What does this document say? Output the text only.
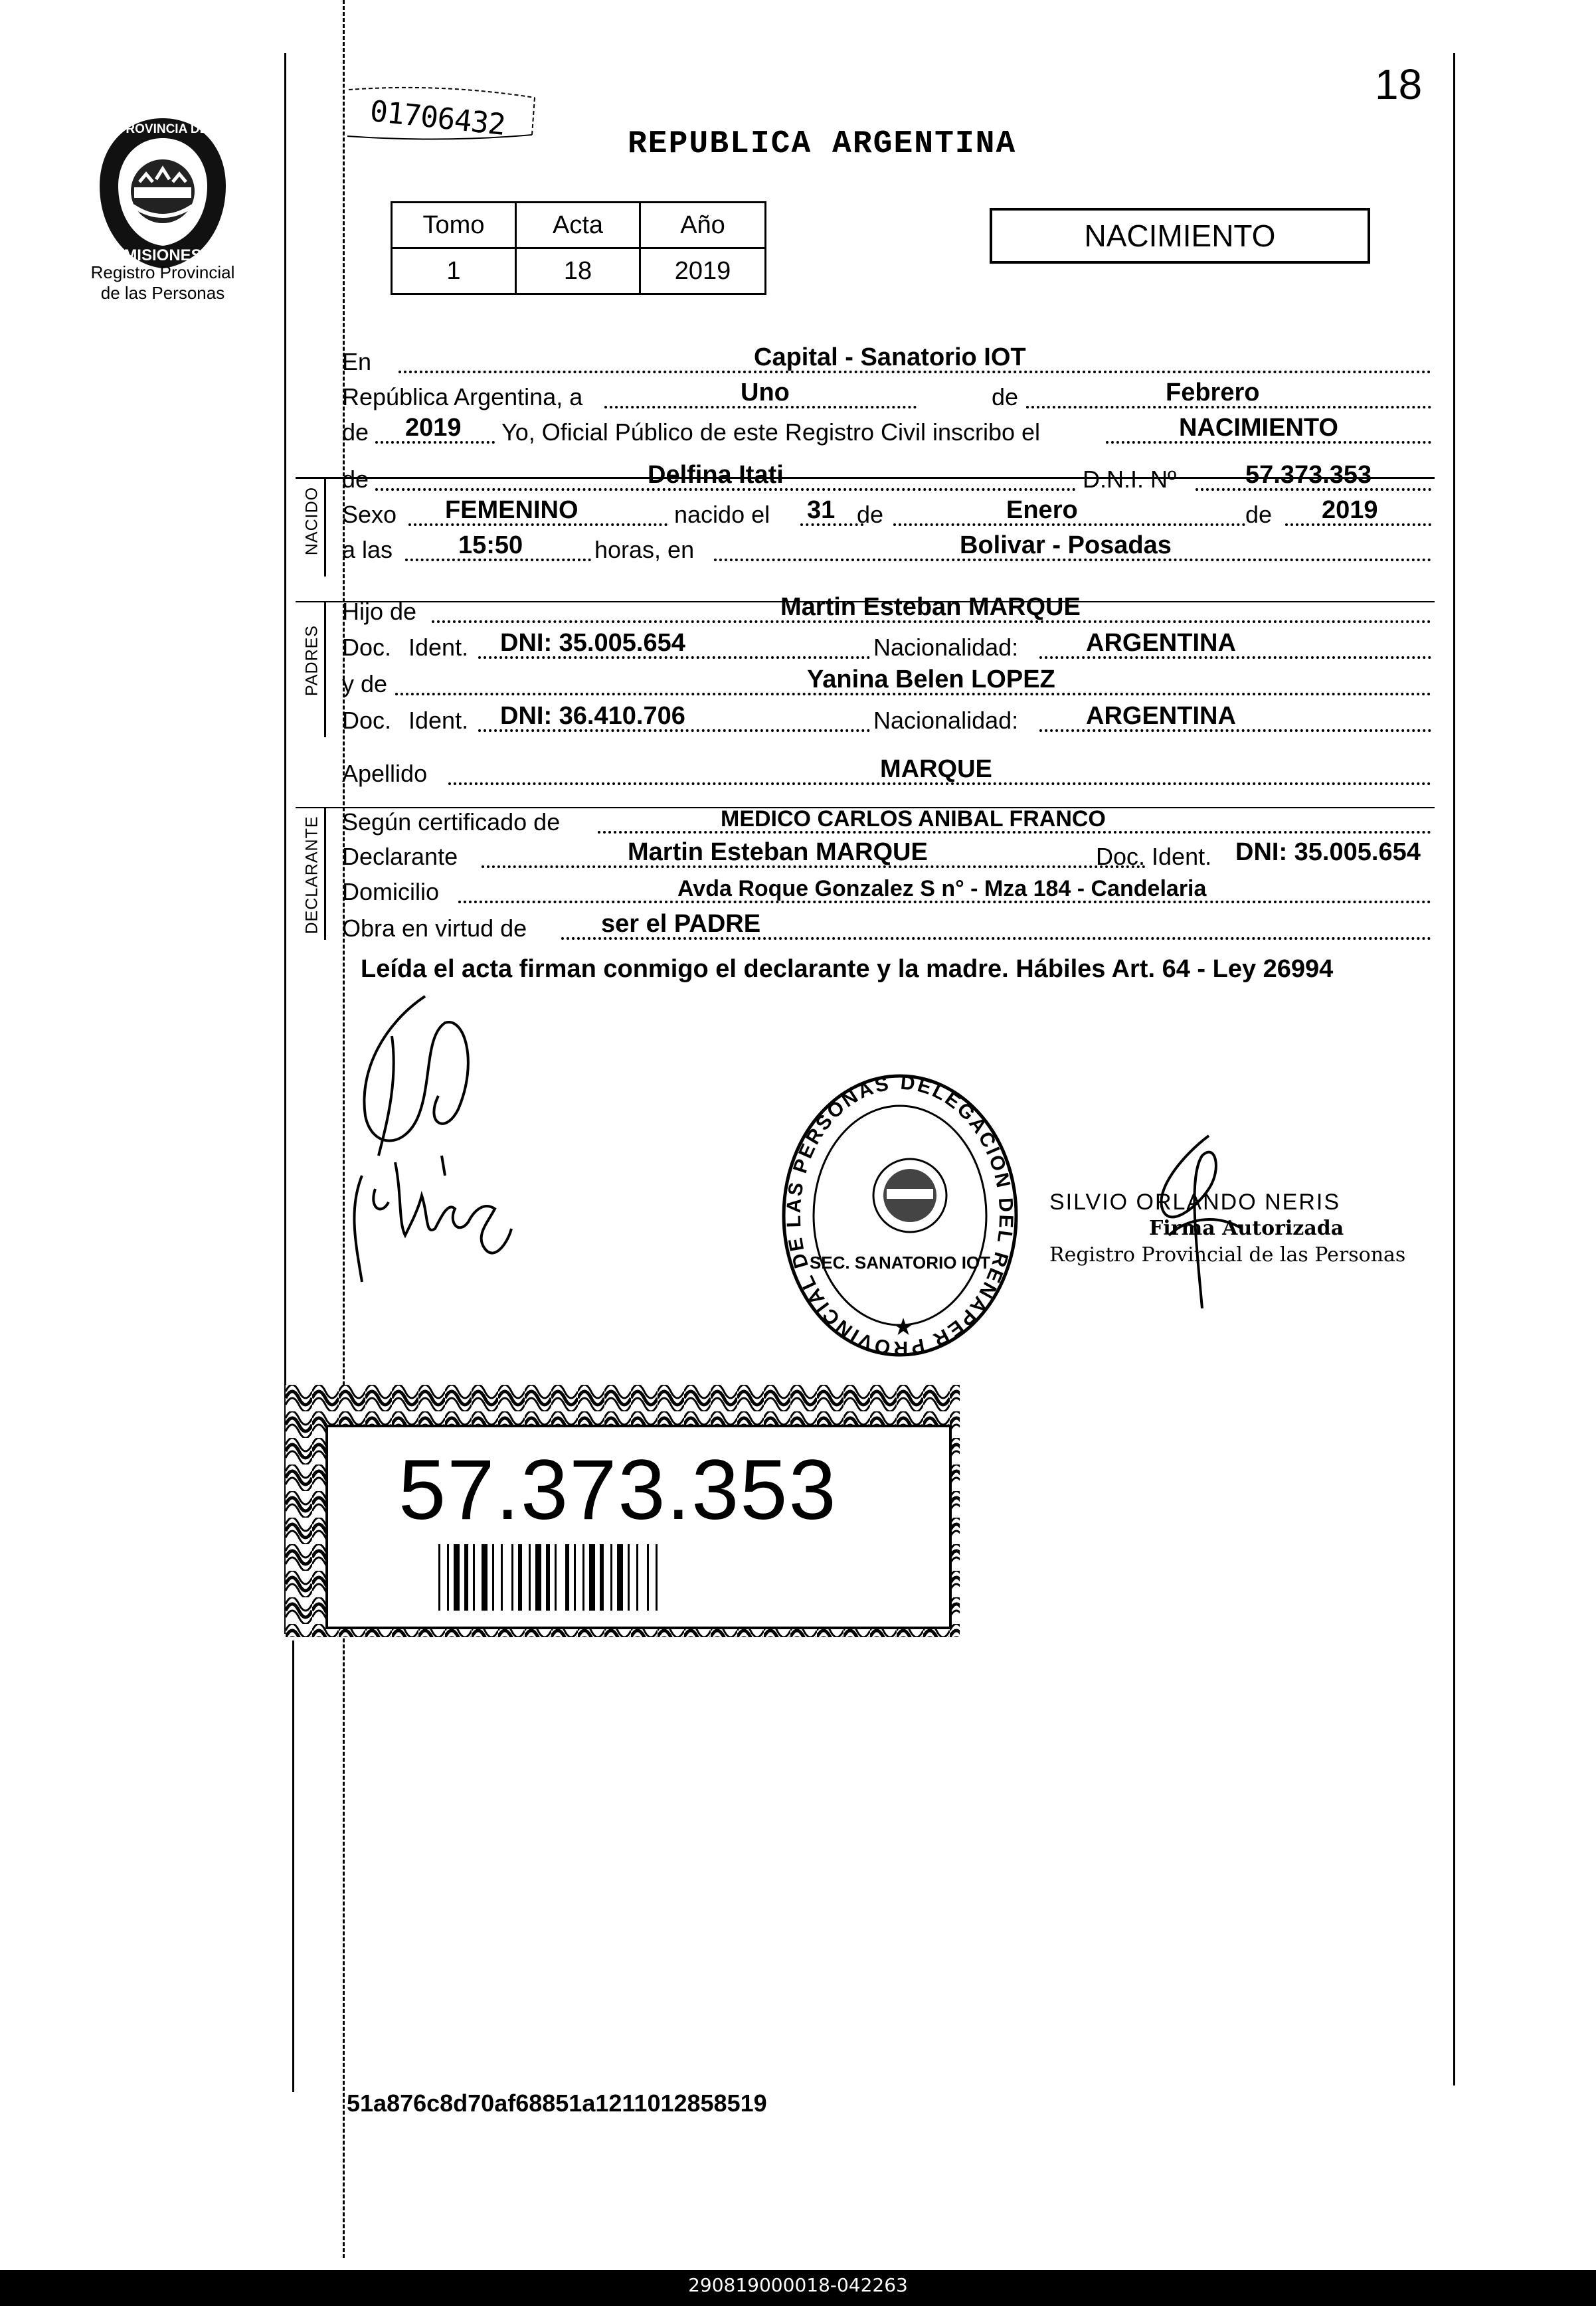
PROVINCIA DE
MISIONES
Registro Provincial
de las Personas
01706432
18
REPUBLICA ARGENTINA
Tomo	Acta	Año
1	18	2019
NACIMIENTO
NACIDO
PADRES
DECLARANTE
En	Capital - Sanatorio IOT
República Argentina, a	Uno	de	Febrero
de 2019 Yo, Oficial Público de este Registro Civil inscribo el	NACIMIENTO
de	Delfina Itati	D.N.I. Nº	57.373.353
Sexo FEMENINO	nacido el 31 de	Enero	de 2019
a las	15:50	horas, en	Bolivar - Posadas
Hijo de	Martin Esteban MARQUE
Doc. Ident. DNI: 35.005.654	Nacionalidad:	ARGENTINA
y de	Yanina Belen LOPEZ
Doc. Ident. DNI: 36.410.706	Nacionalidad:	ARGENTINA
Apellido	MARQUE
Según certificado de	MEDICO CARLOS ANIBAL FRANCO
Declarante	Martin Esteban MARQUE	Doc. Ident. DNI: 35.005.654
Domicilio	Avda Roque Gonzalez S n° - Mza 184 - Candelaria
Obra en virtud de	ser el PADRE
Leída el acta firman conmigo el declarante y la madre. Hábiles Art. 64 - Ley 26994
DELEGACION DEL RENAPER PROVINCIAL DE LAS PERSONAS
SEC. SANATORIO IOT
★
SILVIO ORLANDO NERIS
Firma Autorizada
Registro Provincial de las Personas
57.373.353
51a876c8d70af68851a1211012858519
290819000018-042263
